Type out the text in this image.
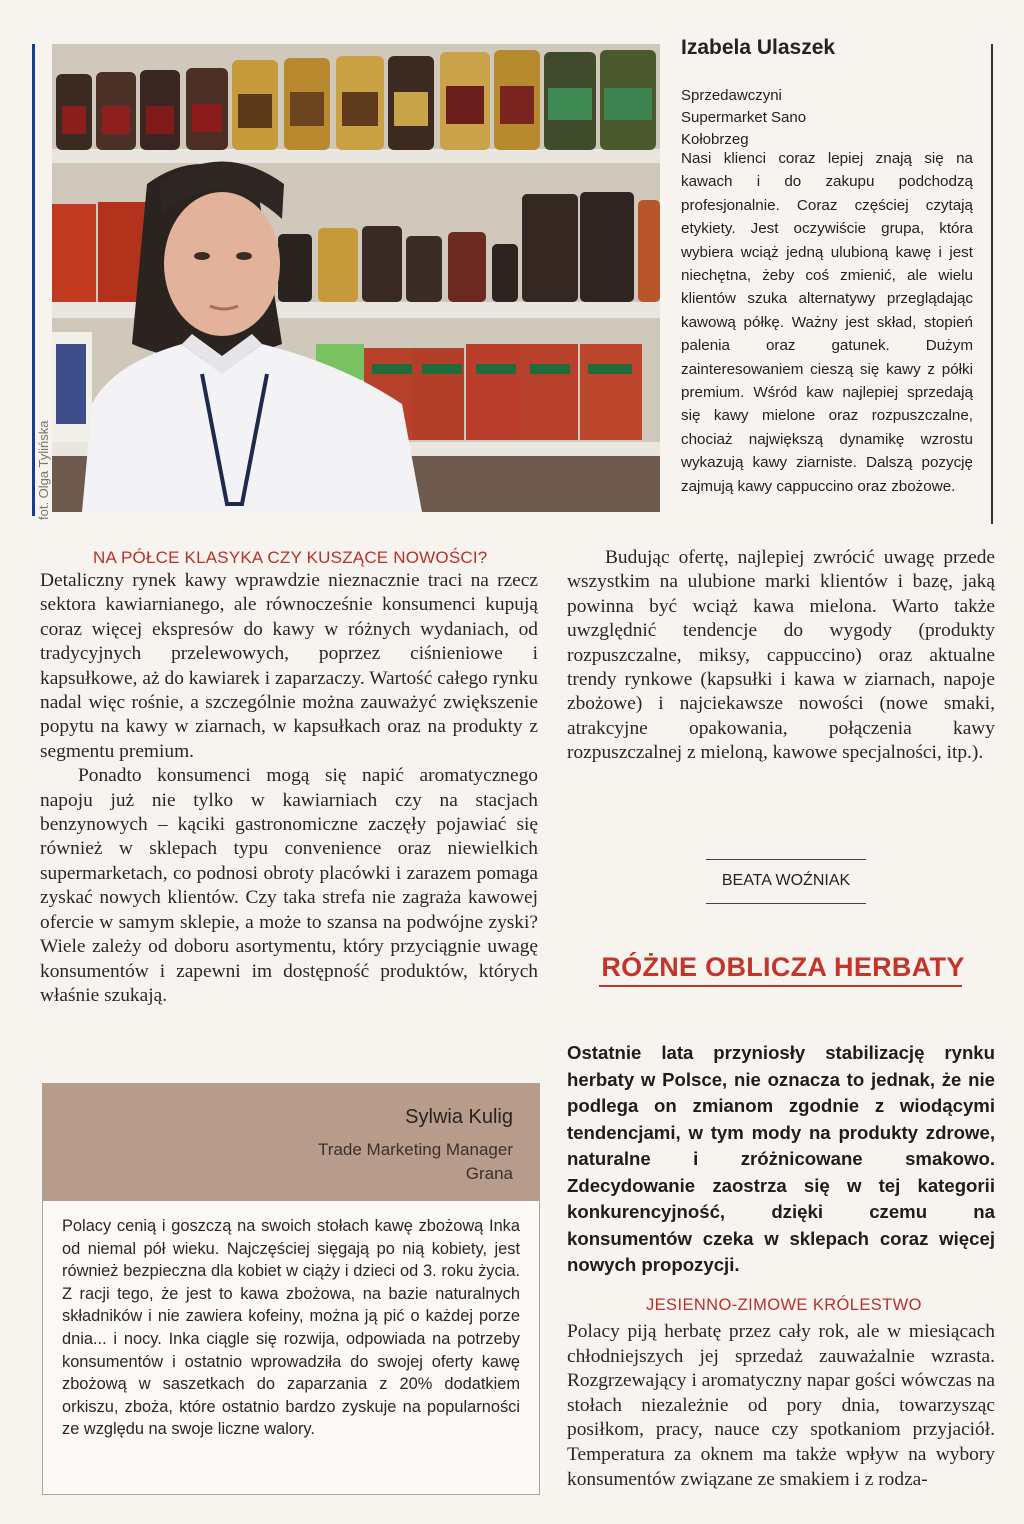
fot. Olga Tylińska
Izabela Ulaszek
Sprzedawczyni
Supermarket Sano
Kołobrzeg
Nasi klienci coraz lepiej znają się na kawach i do zakupu podchodzą profesjonalnie. Coraz częściej czytają etykiety. Jest oczywiście grupa, która wybiera wciąż jedną ulubioną kawę i jest niechętna, żeby coś zmienić, ale wielu klientów szuka alternatywy przeglądając kawową półkę. Ważny jest skład, stopień palenia oraz gatunek. Dużym zainteresowaniem cieszą się kawy z półki premium. Wśród kaw najlepiej sprzedają się kawy mielone oraz rozpuszczalne, chociaż największą dynamikę wzrostu wykazują kawy ziarniste. Dalszą pozycję zajmują kawy cappuccino oraz zbożowe.
NA PÓŁCE KLASYKA CZY KUSZĄCE NOWOŚCI?

Detaliczny rynek kawy wprawdzie nieznacznie traci na rzecz sektora kawiarnianego, ale równocześnie konsumenci kupują coraz więcej ekspresów do kawy w różnych wydaniach, od tradycyjnych przelewowych, poprzez ciśnieniowe i kapsułkowe, aż do kawiarek i zaparzaczy. Wartość całego rynku nadal więc rośnie, a szczególnie można zauważyć zwiększenie popytu na kawy w ziarnach, w kapsułkach oraz na produkty z segmentu premium.

Ponadto konsumenci mogą się napić aromatycznego napoju już nie tylko w kawiarniach czy na stacjach benzynowych – kąciki gastronomiczne zaczęły pojawiać się również w sklepach typu convenience oraz niewielkich supermarketach, co podnosi obroty placówki i zarazem pomaga zyskać nowych klientów. Czy taka strefa nie zagraża kawowej ofercie w samym sklepie, a może to szansa na podwójne zyski? Wiele zależy od doboru asortymentu, który przyciągnie uwagę konsumentów i zapewni im dostępność produktów, których właśnie szukają.

Sylwia Kulig
Trade Marketing Manager
Grana
Polacy cenią i goszczą na swoich stołach kawę zbożową Inka od niemal pół wieku. Najczęściej sięgają po nią kobiety, jest również bezpieczna dla kobiet w ciąży i dzieci od 3. roku życia. Z racji tego, że jest to kawa zbożowa, na bazie naturalnych składników i nie zawiera kofeiny, można ją pić o każdej porze dnia... i nocy. Inka ciągle się rozwija, odpowiada na potrzeby konsumentów i ostatnio wprowadziła do swojej oferty kawę zbożową w saszetkach do zaparzania z 20% dodatkiem orkiszu, zboża, które ostatnio bardzo zyskuje na popularności ze względu na swoje liczne walory.

Budując ofertę, najlepiej zwrócić uwagę przede wszystkim na ulubione marki klientów i bazę, jaką powinna być wciąż kawa mielona. Warto także uwzględnić tendencje do wygody (produkty rozpuszczalne, miksy, cappuccino) oraz aktualne trendy rynkowe (kapsułki i kawa w ziarnach, napoje zbożowe) i najciekawsze nowości (nowe smaki, atrakcyjne opakowania, połączenia kawy rozpuszczalnej z mieloną, kawowe specjalności, itp.).

BEATA WOŹNIAK
RÓŻNE OBLICZA HERBATY
Ostatnie lata przyniosły stabilizację rynku herbaty w Polsce, nie oznacza to jednak, że nie podlega on zmianom zgodnie z wiodącymi tendencjami, w tym mody na produkty zdrowe, naturalne i zróżnicowane smakowo. Zdecydowanie zaostrza się w tej kategorii konkurencyjność, dzięki czemu na konsumentów czeka w sklepach coraz więcej nowych propozycji.
JESIENNO-ZIMOWE KRÓLESTWO

Polacy piją herbatę przez cały rok, ale w miesiącach chłodniejszych jej sprzedaż zauważalnie wzrasta. Rozgrzewający i aromatyczny napar gości wówczas na stołach niezależnie od pory dnia, towarzysząc posiłkom, pracy, nauce czy spotkaniom przyjaciół. Temperatura za oknem ma także wpływ na wybory konsumentów związane ze smakiem i z rodza-
